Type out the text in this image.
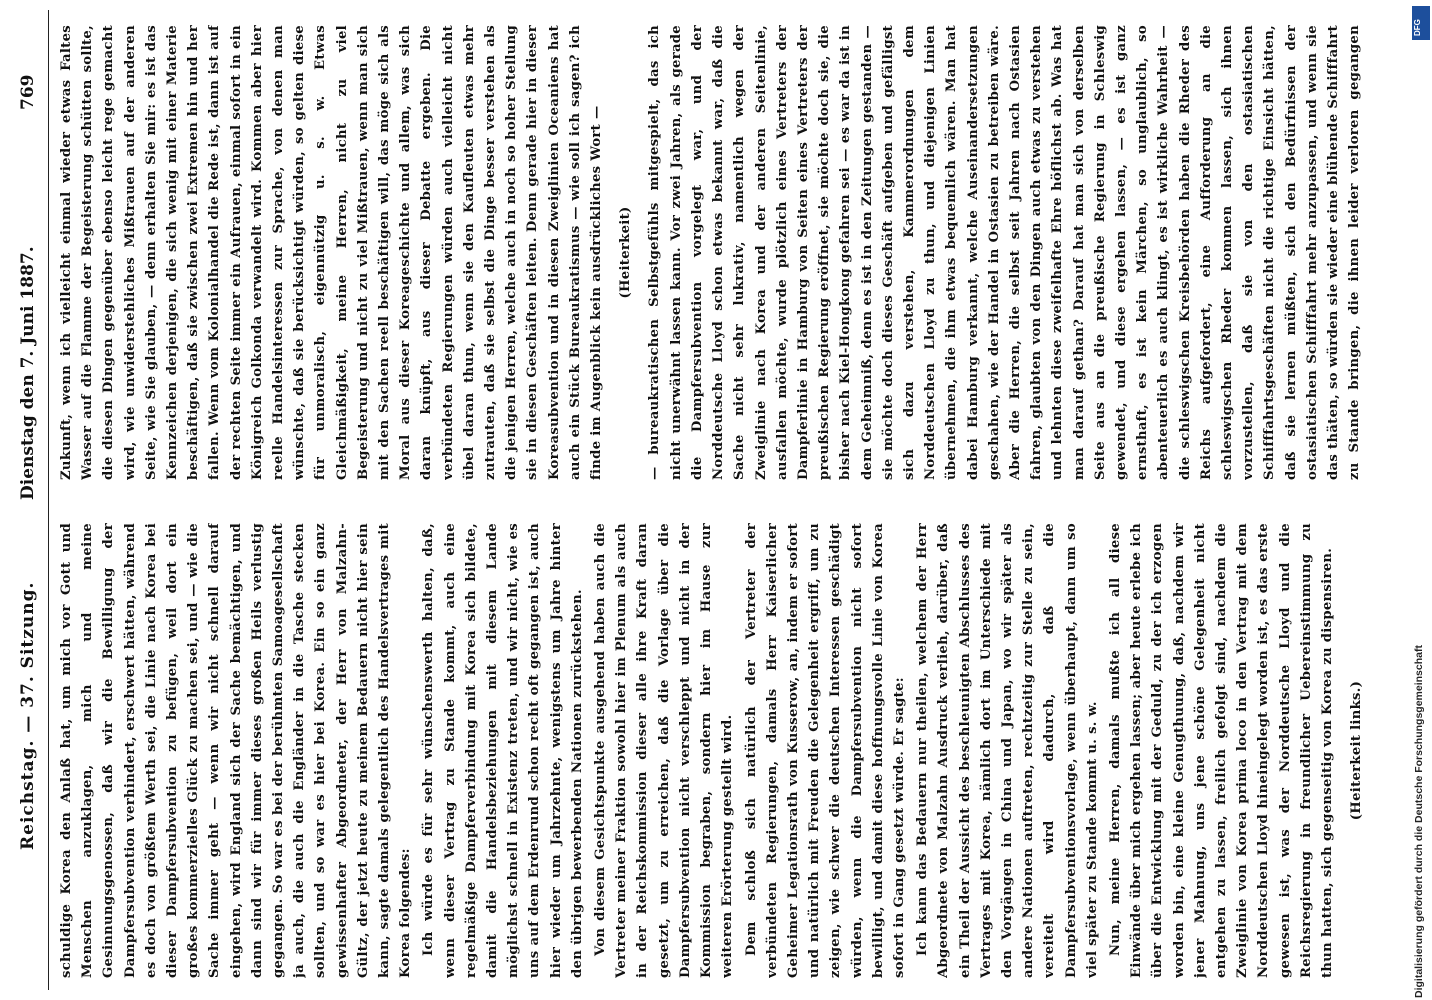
Reichstag. — 37. Sitzung.
Dienstag den 7. Juni 1887.
769

schuldige Korea den Anlaß hat, um mich vor Gott und Menschen anzuklagen, mich und meine Gesinnungsgenossen, daß wir die Bewilligung der Dampfersubvention verhindert, erschwert hätten, während es doch von größtem Werth sei, die Linie nach Korea bei dieser Dampfersubvention zu befügen, weil dort ein großes kommerzielles Glück zu machen sei, und — wie die Sache immer geht — wenn wir nicht schnell darauf eingehen, wird England sich der Sache bemächtigen, und dann sind wir für immer dieses großen Heils verlustig gegangen. So war es bei der berühmten Samoagesellschaft ja auch, die auch die Engländer in die Tasche stecken sollten, und so war es hier bei Korea. Ein so ein ganz gewissenhafter Abgeordneter, der Herr von Malzahn-Gültz, der jetzt heute zu meinem Bedauern nicht hier sein kann, sagte damals gelegentlich des Handelsvertrages mit Korea folgendes: Ich würde es für sehr wünschenswerth halten, daß, wenn dieser Vertrag zu Stande kommt, auch eine regelmäßige Dampferverbindung mit Korea sich bildete, damit die Handelsbeziehungen mit diesem Lande möglichst schnell in Existenz treten, und wir nicht, wie es uns auf dem Erdenrund schon recht oft gegangen ist, auch hier wieder um Jahrzehnte, wenigstens um Jahre hinter den übrigen bewerbenden Nationen zurückstehen. Von diesem Gesichtspunkte ausgehend haben auch die Vertreter meiner Fraktion sowohl hier im Plenum als auch in der Reichskommission dieser alle ihre Kraft daran gesetzt, um zu erreichen, daß die Vorlage über die Dampfersubvention nicht verschleppt und nicht in der Kommission begraben, sondern hier im Hause zur weiteren Erörterung gestellt wird. Dem schloß sich natürlich der Vertreter der verbündeten Regierungen, damals Herr Kaiserlicher Geheimer Legationsrath von Kusserow, an, indem er sofort und natürlich mit Freuden die Gelegenheit ergriff, um zu zeigen, wie schwer die deutschen Interessen geschädigt würden, wenn die Dampfersubvention nicht sofort bewilligt, und damit diese hoffnungsvolle Linie von Korea sofort in Gang gesetzt würde. Er sagte: Ich kann das Bedauern nur theilen, welchem der Herr Abgeordnete von Malzahn Ausdruck verlieh, darüber, daß ein Theil der Aussicht des beschleunigten Abschlusses des Vertrages mit Korea, nämlich dort im Unterschiede mit den Vorgängen in China und Japan, wo wir später als andere Nationen auftreten, rechtzeitig zur Stelle zu sein, vereitelt wird dadurch, daß die Dampfersubventionsvorlage, wenn überhaupt, dann um so viel später zu Stande kommt u. s. w. Nun, meine Herren, damals mußte ich all diese Einwände über mich ergehen lassen; aber heute erlebe ich über die Entwicklung mit der Geduld, zu der ich erzogen worden bin, eine kleine Genugthuung, daß, nachdem wir jener Mahnung, uns jene schöne Gelegenheit nicht entgehen zu lassen, freilich gefolgt sind, nachdem die Zweiglinie von Korea prima loco in den Vertrag mit dem Norddeutschen Lloyd hineingelegt worden ist, es das erste gewesen ist, was der Norddeutsche Lloyd und die Reichsregierung in freundlicher Uebereinstimmung zu thun hatten, sich gegenseitig von Korea zu dispensiren. (Heiterkeit links.)

Zukunft, wenn ich vielleicht einmal wieder etwas Faltes Wasser auf die Flamme der Begeisterung schütten sollte, die diesen Dingen gegenüber ebenso leicht rege gemacht wird, wie unwiderstehliches Mißtrauen auf der anderen Seite, wie Sie glauben, — denn erhalten Sie mir: es ist das Kennzeichen derjenigen, die sich wenig mit einer Materie beschäftigen, daß sie zwischen zwei Extremen hin und her fallen. Wenn vom Kolonialhandel die Rede ist, dann ist auf der rechten Seite immer ein Aufrauen, einmal sofort in ein Königreich Golkonda verwandelt wird. Kommen aber hier reelle Handelsinteressen zur Sprache, von denen man wünschte, daß sie berücksichtigt würden, so gelten diese für unmoralisch, eigennützig u. s. w. Etwas Gleichmäßigkeit, meine Herren, nicht zu viel Begeisterung und nicht zu viel Mißtrauen, wenn man sich mit den Sachen reell beschäftigen will, das möge sich als Moral aus dieser Koreageschichte und allem, was sich daran knüpft, aus dieser Debatte ergeben. Die verbündeten Regierungen würden auch vielleicht nicht übel daran thun, wenn sie den Kaufleuten etwas mehr zutrauten, daß sie selbst die Dinge besser verstehen als die jenigen Herren, welche auch in noch so hoher Stellung sie in diesen Geschäften leiten. Denn gerade hier in dieser Koreasubvention und in diesen Zweiglinien Oceaniens hat auch ein Stück Bureaukratismus — wie soll ich sagen? ich finde im Augenblick kein ausdrückliches Wort — (Heiterkeit)

— bureaukratischen Selbstgefühls mitgespielt, das ich nicht unerwähnt lassen kann. Vor zwei Jahren, als gerade die Dampfersubvention vorgelegt war, und der Norddeutsche Lloyd schon etwas bekannt war, daß die Sache nicht sehr lukrativ, namentlich wegen der Zweiglinie nach Korea und der anderen Seitenlinie, ausfallen möchte, wurde plötzlich eines Vertreters der Dampferlinie in Hamburg von Seiten eines Vertreters der preußischen Regierung eröffnet, sie möchte doch sie, die bisher nach Kiel-Hongkong gefahren sei — es war da ist in dem Geheimniß, denn es ist in den Zeitungen gestanden — sie möchte doch dieses Geschäft aufgeben und gefälligst sich dazu verstehen, Kammerordnungen dem Norddeutschen Lloyd zu thun, und diejenigen Linien übernehmen, die ihm etwas bequemlich wären. Man hat dabei Hamburg verkannt, welche Auseinandersetzungen geschahen, wie der Handel in Ostasien zu betreiben wäre. Aber die Herren, die selbst seit Jahren nach Ostasien fahren, glaubten von den Dingen auch etwas zu verstehen und lehnten diese zweifelhafte Ehre höflichst ab. Was hat man darauf gethan? Darauf hat man sich von derselben Seite aus an die preußische Regierung in Schleswig gewendet, und diese ergehen lassen, — es ist ganz ernsthaft, es ist kein Märchen, so unglaublich, so abenteuerlich es auch klingt, es ist wirkliche Wahrheit — die schleswigschen Kreisbehörden haben die Rheder des Reichs aufgefordert, eine Aufforderung an die schleswigschen Rheder kommen lassen, sich ihnen vorzustellen, daß sie von den ostasiatischen Schifffahrtsgeschäften nicht die richtige Einsicht hätten, daß sie lernen müßten, sich den Bedürfnissen der ostasiatischen Schifffahrt mehr anzupassen, und wenn sie das thäten, so würden sie wieder eine blühende Schifffahrt zu Stande bringen, die ihnen leider verloren gegangen	DFG
Digitalisierung gefördert durch die Deutsche Forschungsgemeinschaft
